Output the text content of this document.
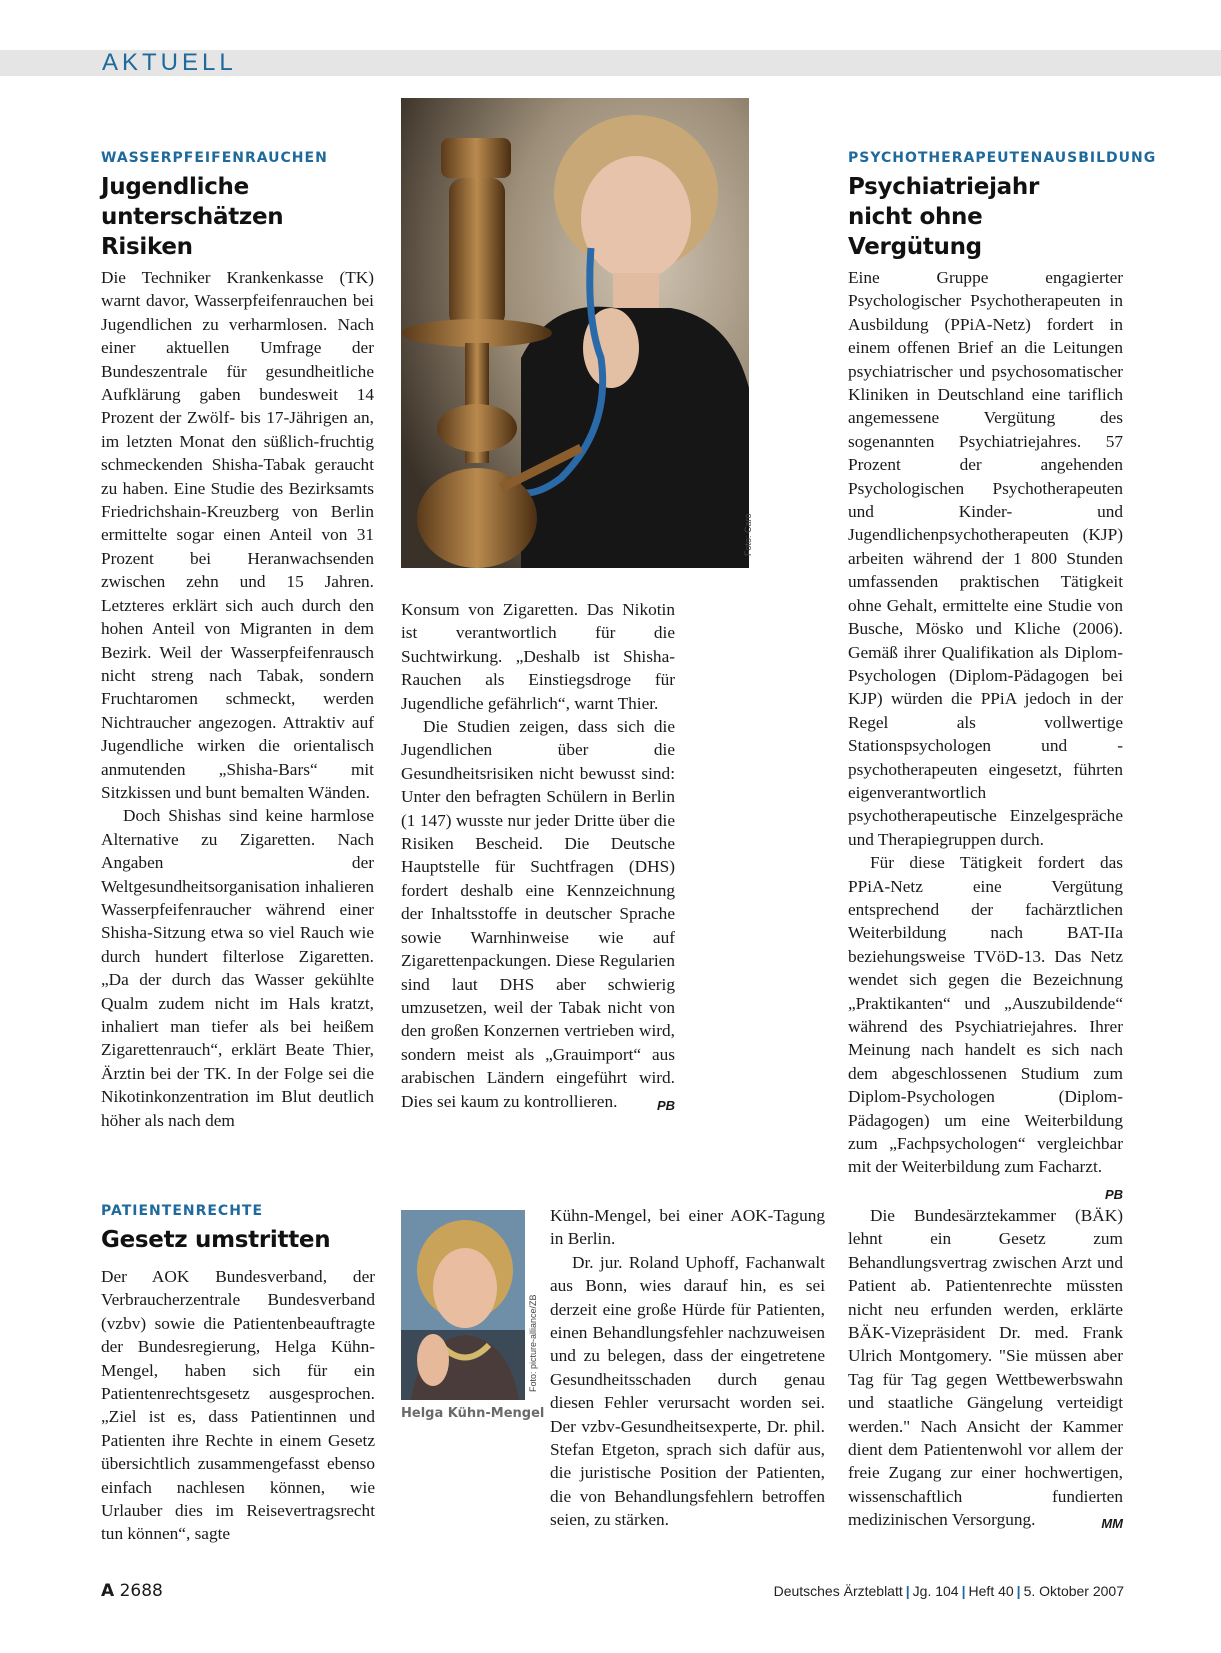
AKTUELL
WASSERPFEIFENRAUCHEN
Jugendliche
unterschätzen Risiken

Die Techniker Krankenkasse (TK) warnt davor, Wasserpfeifenrauchen bei Jugendlichen zu verharmlosen. Nach einer aktuellen Umfrage der Bundeszentrale für gesundheitliche Aufklärung gaben bundesweit 14 Prozent der Zwölf- bis 17-Jährigen an, im letzten Monat den süßlich-fruchtig schmeckenden Shisha-Tabak geraucht zu haben. Eine Studie des Bezirksamts Friedrichshain-Kreuzberg von Berlin ermittelte sogar einen Anteil von 31 Prozent bei Heranwachsenden zwischen zehn und 15 Jahren. Letzteres erklärt sich auch durch den hohen Anteil von Migranten in dem Bezirk. Weil der Wasserpfeifenrausch nicht streng nach Tabak, sondern Fruchtaromen schmeckt, werden Nichtraucher angezogen. Attraktiv auf Jugendliche wirken die orientalisch anmutenden „Shisha-Bars“ mit Sitzkissen und bunt bemalten Wänden.

Doch Shishas sind keine harmlose Alternative zu Zigaretten. Nach Angaben der Weltgesundheitsorganisation inhalieren Wasserpfeifenraucher während einer Shisha-Sitzung etwa so viel Rauch wie durch hundert filterlose Zigaretten. „Da der durch das Wasser gekühlte Qualm zudem nicht im Hals kratzt, inhaliert man tiefer als bei heißem Zigarettenrauch“, erklärt Beate Thier, Ärztin bei der TK. In der Folge sei die Nikotinkonzentration im Blut deutlich höher als nach dem

Foto: Caro

Konsum von Zigaretten. Das Nikotin ist verantwortlich für die Suchtwirkung. „Deshalb ist Shisha-Rauchen als Einstiegsdroge für Jugendliche gefährlich“, warnt Thier.

Die Studien zeigen, dass sich die Jugendlichen über die Gesundheitsrisiken nicht bewusst sind: Unter den befragten Schülern in Berlin (1 147) wusste nur jeder Dritte über die Risiken Bescheid. Die Deutsche Hauptstelle für Suchtfragen (DHS) fordert deshalb eine Kennzeichnung der Inhaltsstoffe in deutscher Sprache sowie Warnhinweise wie auf Zigarettenpackungen. Diese Regularien sind laut DHS aber schwierig umzusetzen, weil der Tabak nicht von den großen Konzernen vertrieben wird, sondern meist als „Grauimport“ aus arabischen Ländern eingeführt wird. Dies sei kaum zu kontrollieren.	PB

PSYCHOTHERAPEUTENAUSBILDUNG
Psychiatriejahr
nicht ohne Vergütung

Eine Gruppe engagierter Psychologischer Psychotherapeuten in Ausbildung (PPiA-Netz) fordert in einem offenen Brief an die Leitungen psychiatrischer und psychosomatischer Kliniken in Deutschland eine tariflich angemessene Vergütung des sogenannten Psychiatriejahres. 57 Prozent der angehenden Psychologischen Psychotherapeuten und Kinder- und Jugendlichenpsychotherapeuten (KJP) arbeiten während der 1 800 Stunden umfassenden praktischen Tätigkeit ohne Gehalt, ermittelte eine Studie von Busche, Mösko und Kliche (2006). Gemäß ihrer Qualifikation als Diplom-Psychologen (Diplom-Pädagogen bei KJP) würden die PPiA jedoch in der Regel als vollwertige Stationspsychologen und -psychotherapeuten eingesetzt, führten eigenverantwortlich psychotherapeutische Einzelgespräche und Therapiegruppen durch.

Für diese Tätigkeit fordert das PPiA-Netz eine Vergütung entsprechend der fachärztlichen Weiterbildung nach BAT-IIa beziehungsweise TVöD-13. Das Netz wendet sich gegen die Bezeichnung „Praktikanten“ und „Auszubildende“ während des Psychiatriejahres. Ihrer Meinung nach handelt es sich nach dem abgeschlossenen Studium zum Diplom-Psychologen (Diplom-Pädagogen) um eine Weiterbildung zum „Fachpsychologen“ vergleichbar mit der Weiterbildung zum Facharzt.
PB

PATIENTENRECHTE
Gesetz umstritten

Der AOK Bundesverband, der Verbraucherzentrale Bundesverband (vzbv) sowie die Patientenbeauftragte der Bundesregierung, Helga Kühn-Mengel, haben sich für ein Patientenrechtsgesetz ausgesprochen. „Ziel ist es, dass Patientinnen und Patienten ihre Rechte in einem Gesetz übersichtlich zusammengefasst ebenso einfach nachlesen können, wie Urlauber dies im Reisevertragsrecht tun können“, sagte

Foto: picture-alliance/ZB
Helga Kühn-Mengel

Kühn-Mengel, bei einer AOK-Tagung in Berlin.

Dr. jur. Roland Uphoff, Fachanwalt aus Bonn, wies darauf hin, es sei derzeit eine große Hürde für Patienten, einen Behandlungsfehler nachzuweisen und zu belegen, dass der eingetretene Gesundheitsschaden durch genau diesen Fehler verursacht worden sei. Der vzbv-Gesundheitsexperte, Dr. phil. Stefan Etgeton, sprach sich dafür aus, die juristische Position der Patienten, die von Behandlungsfehlern betroffen seien, zu stärken.

Die Bundesärztekammer (BÄK) lehnt ein Gesetz zum Behandlungsvertrag zwischen Arzt und Patient ab. Patientenrechte müssten nicht neu erfunden werden, erklärte BÄK-Vizepräsident Dr. med. Frank Ulrich Montgomery. "Sie müssen aber Tag für Tag gegen Wettbewerbswahn und staatliche Gängelung verteidigt werden." Nach Ansicht der Kammer dient dem Patientenwohl vor allem der freie Zugang zur einer hochwertigen, wissenschaftlich fundierten medizinischen Versorgung.	MM

A 2688	Deutsches Ärzteblatt | Jg. 104 | Heft 40 | 5. Oktober 2007
